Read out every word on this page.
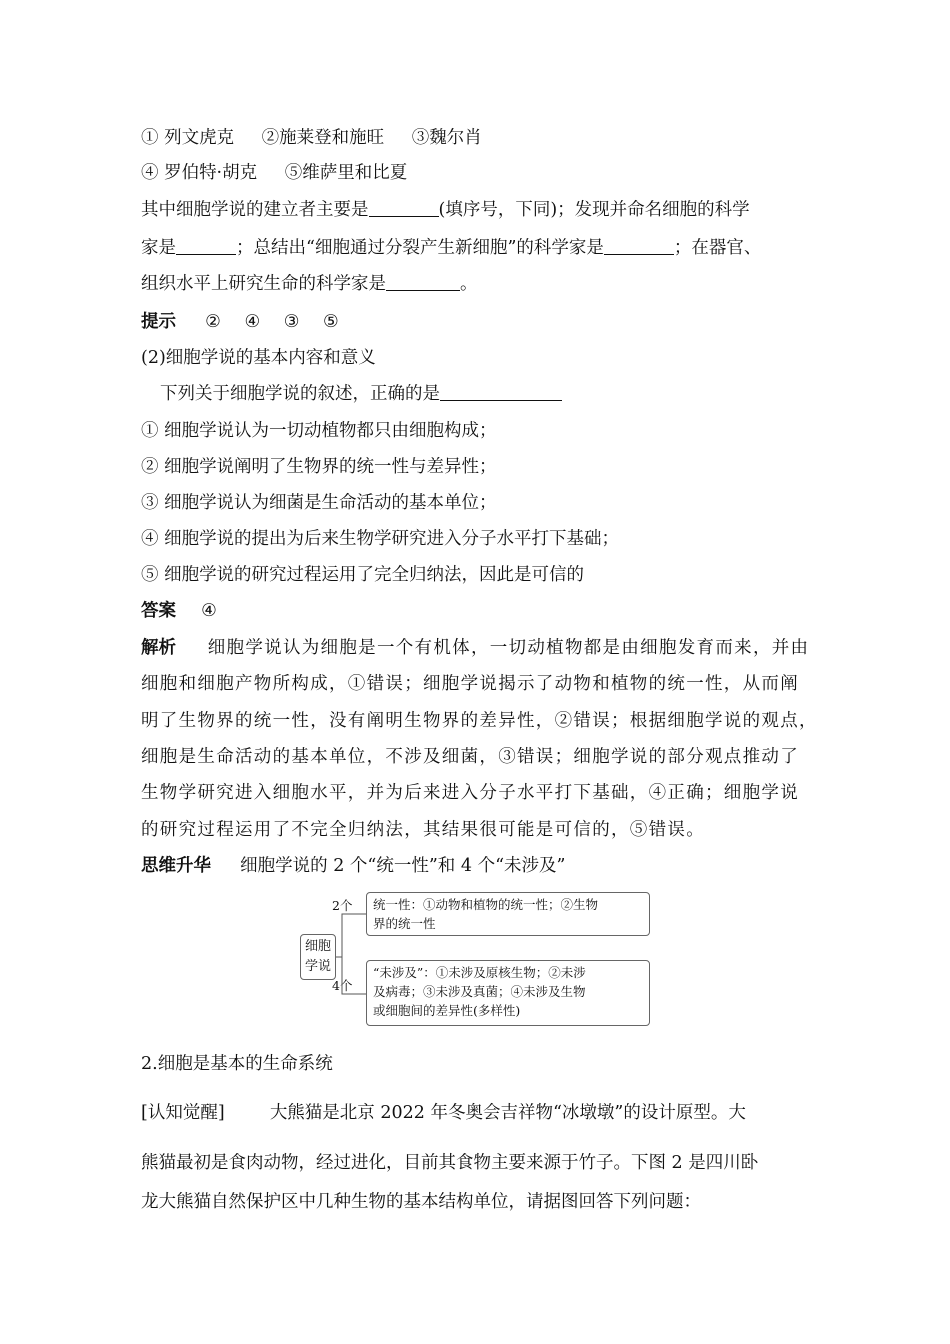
① 列文虎克 ②施莱登和施旺 ③魏尔肖
④ 罗伯特·胡克 ⑤维萨里和比夏
其中细胞学说的建立者主要是	(填序号，下同)；发现并命名细胞的科学
家是	；总结出“细胞通过分裂产生新细胞”的科学家是	；在器官、
组织水平上研究生命的科学家是	。
提示 ② ④ ③ ⑤
(2)细胞学说的基本内容和意义
下列关于细胞学说的叙述，正确的是
① 细胞学说认为一切动植物都只由细胞构成；
② 细胞学说阐明了生物界的统一性与差异性；
③ 细胞学说认为细菌是生命活动的基本单位；
④ 细胞学说的提出为后来生物学研究进入分子水平打下基础；
⑤ 细胞学说的研究过程运用了完全归纳法，因此是可信的
答案 ④
解析 细胞学说认为细胞是一个有机体，一切动植物都是由细胞发育而来，并由
细胞和细胞产物所构成，①错误；细胞学说揭示了动物和植物的统一性，从而阐
明了生物界的统一性，没有阐明生物界的差异性，②错误；根据细胞学说的观点，
细胞是生命活动的基本单位，不涉及细菌，③错误；细胞学说的部分观点推动了
生物学研究进入细胞水平，并为后来进入分子水平打下基础，④正确；细胞学说
的研究过程运用了不完全归纳法，其结果很可能是可信的，⑤错误。
思维升华 细胞学说的 2 个“统一性”和 4 个“未涉及”
细胞
学说
2个
4个
统一性：①动物和植物的统一性；②生物
界的统一性
“未涉及”：①未涉及原核生物；②未涉
及病毒；③未涉及真菌；④未涉及生物
或细胞间的差异性(多样性)
2.细胞是基本的生命系统
[认知觉醒]	大熊猫是北京 2022 年冬奥会吉祥物“冰墩墩”的设计原型。大
熊猫最初是食肉动物，经过进化，目前其食物主要来源于竹子。下图 2 是四川卧
龙大熊猫自然保护区中几种生物的基本结构单位，请据图回答下列问题：
